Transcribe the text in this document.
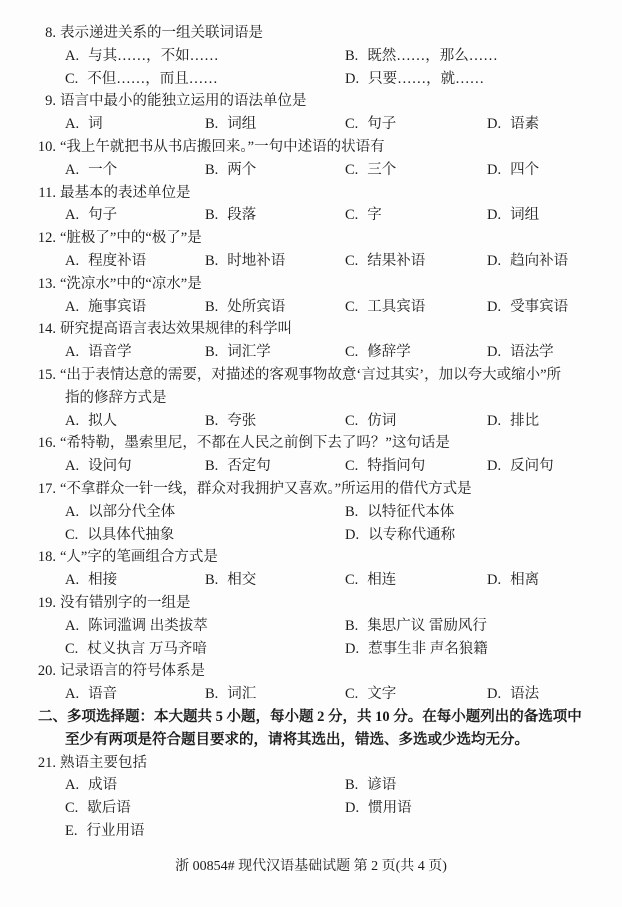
8. 表示递进关系的一组关联词语是
A. 与其……，不如……	B. 既然……，那么……
C. 不但……，而且……	D. 只要……，就……
9. 语言中最小的能独立运用的语法单位是
A. 词	B. 词组	C. 句子	D. 语素
10. “我上午就把书从书店搬回来。”一句中述语的状语有
A. 一个	B. 两个	C. 三个	D. 四个
11. 最基本的表述单位是
A. 句子	B. 段落	C. 字	D. 词组
12. “脏极了”中的“极了”是
A. 程度补语	B. 时地补语	C. 结果补语	D. 趋向补语
13. “洗凉水”中的“凉水”是
A. 施事宾语	B. 处所宾语	C. 工具宾语	D. 受事宾语
14. 研究提高语言表达效果规律的科学叫
A. 语音学	B. 词汇学	C. 修辞学	D. 语法学
15. “出于表情达意的需要，对描述的客观事物故意‘言过其实’，加以夸大或缩小”所
指的修辞方式是
A. 拟人	B. 夸张	C. 仿词	D. 排比
16. “希特勒，墨索里尼，不都在人民之前倒下去了吗？”这句话是
A. 设问句	B. 否定句	C. 特指问句	D. 反问句
17. “不拿群众一针一线，群众对我拥护又喜欢。”所运用的借代方式是
A. 以部分代全体	B. 以特征代本体
C. 以具体代抽象	D. 以专称代通称
18. “人”字的笔画组合方式是
A. 相接	B. 相交	C. 相连	D. 相离
19. 没有错别字的一组是
A. 陈词滥调 出类拔萃	B. 集思广议 雷励风行
C. 杖义执言 万马齐喑	D. 惹事生非 声名狼籍
20. 记录语言的符号体系是
A. 语音	B. 词汇	C. 文字	D. 语法
二、多项选择题：本大题共 5 小题，每小题 2 分，共 10 分。在每小题列出的备选项中
至少有两项是符合题目要求的，请将其选出，错选、多选或少选均无分。
21. 熟语主要包括
A. 成语	B. 谚语
C. 歇后语	D. 惯用语
E. 行业用语
浙 00854# 现代汉语基础试题 第 2 页(共 4 页)
